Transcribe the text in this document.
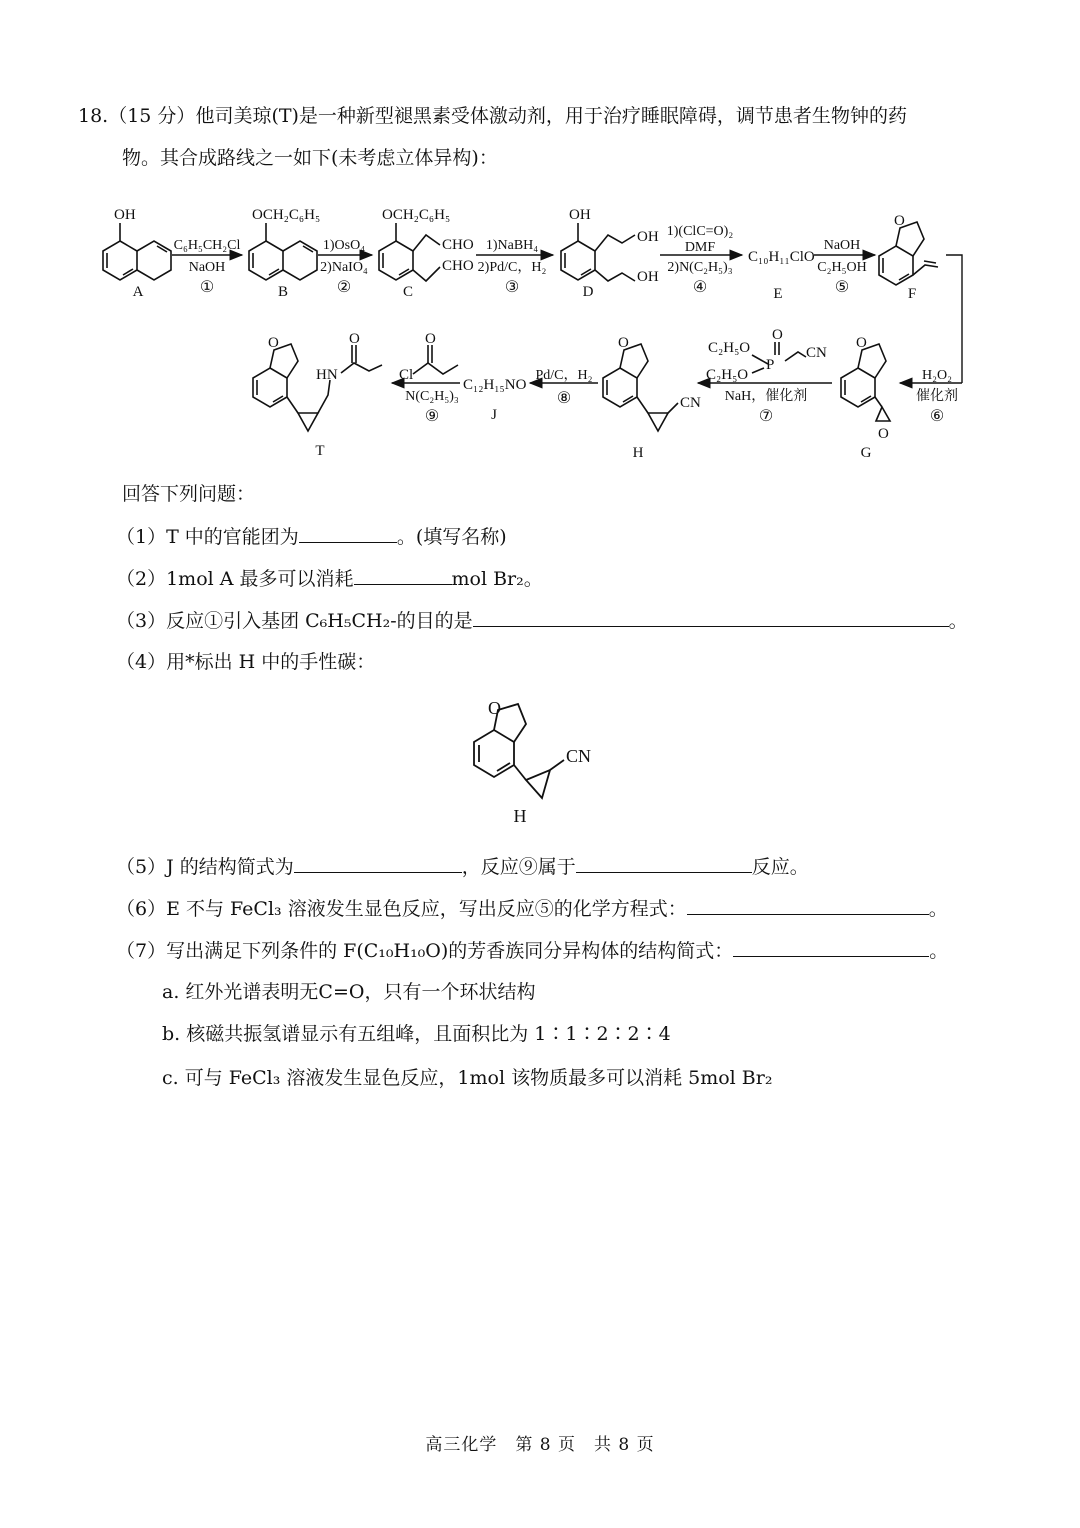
18.（15 分）他司美琼(T)是一种新型褪黑素受体激动剂，用于治疗睡眠障碍，调节患者生物钟的药
物。其合成路线之一如下(未考虑立体异构)：
OH	OCH₂C₆H₅	OCH₂C₆H₅
CHO
CHO
OH
OH
OH
C₁₀H₁₁ClO
O
O
O
O
CN
C₁₂H₁₅NO
Cl
O
O
HN
O
C₂H₅O
C₂H₅O
P
O
CN
A	B	C	D	E	F
G
H
J
T
C₆H₅CH₂Cl
NaOH
①
1)OsO₄
2)NaIO₄
②
1)NaBH₄
2)Pd/C，H₂
③
1)(ClC=O)₂
DMF
2)N(C₂H₅)₃
④
NaOH
C₂H₅OH
⑤
H₂O₂
催化剂
⑥
NaH，催化剂
⑦
Pd/C，H₂
⑧
N(C₂H₅)₃
⑨
回答下列问题：
（1）T 中的官能团为	。(填写名称)
（2）1mol A 最多可以消耗	mol Br₂。
（3）反应①引入基团 C₆H₅CH₂-的目的是	。
（4）用*标出 H 中的手性碳：
O
CN
H
（5）J 的结构简式为	，反应⑨属于	反应。
（6）E 不与 FeCl₃ 溶液发生显色反应，写出反应⑤的化学方程式：	。
（7）写出满足下列条件的 F(C₁₀H₁₀O)的芳香族同分异构体的结构简式：	。
a. 红外光谱表明无C=O，只有一个环状结构
b. 核磁共振氢谱显示有五组峰，且面积比为 1∶1∶2∶2∶4
c. 可与 FeCl₃ 溶液发生显色反应，1mol 该物质最多可以消耗 5mol Br₂
高三化学　第 8 页　共 8 页
